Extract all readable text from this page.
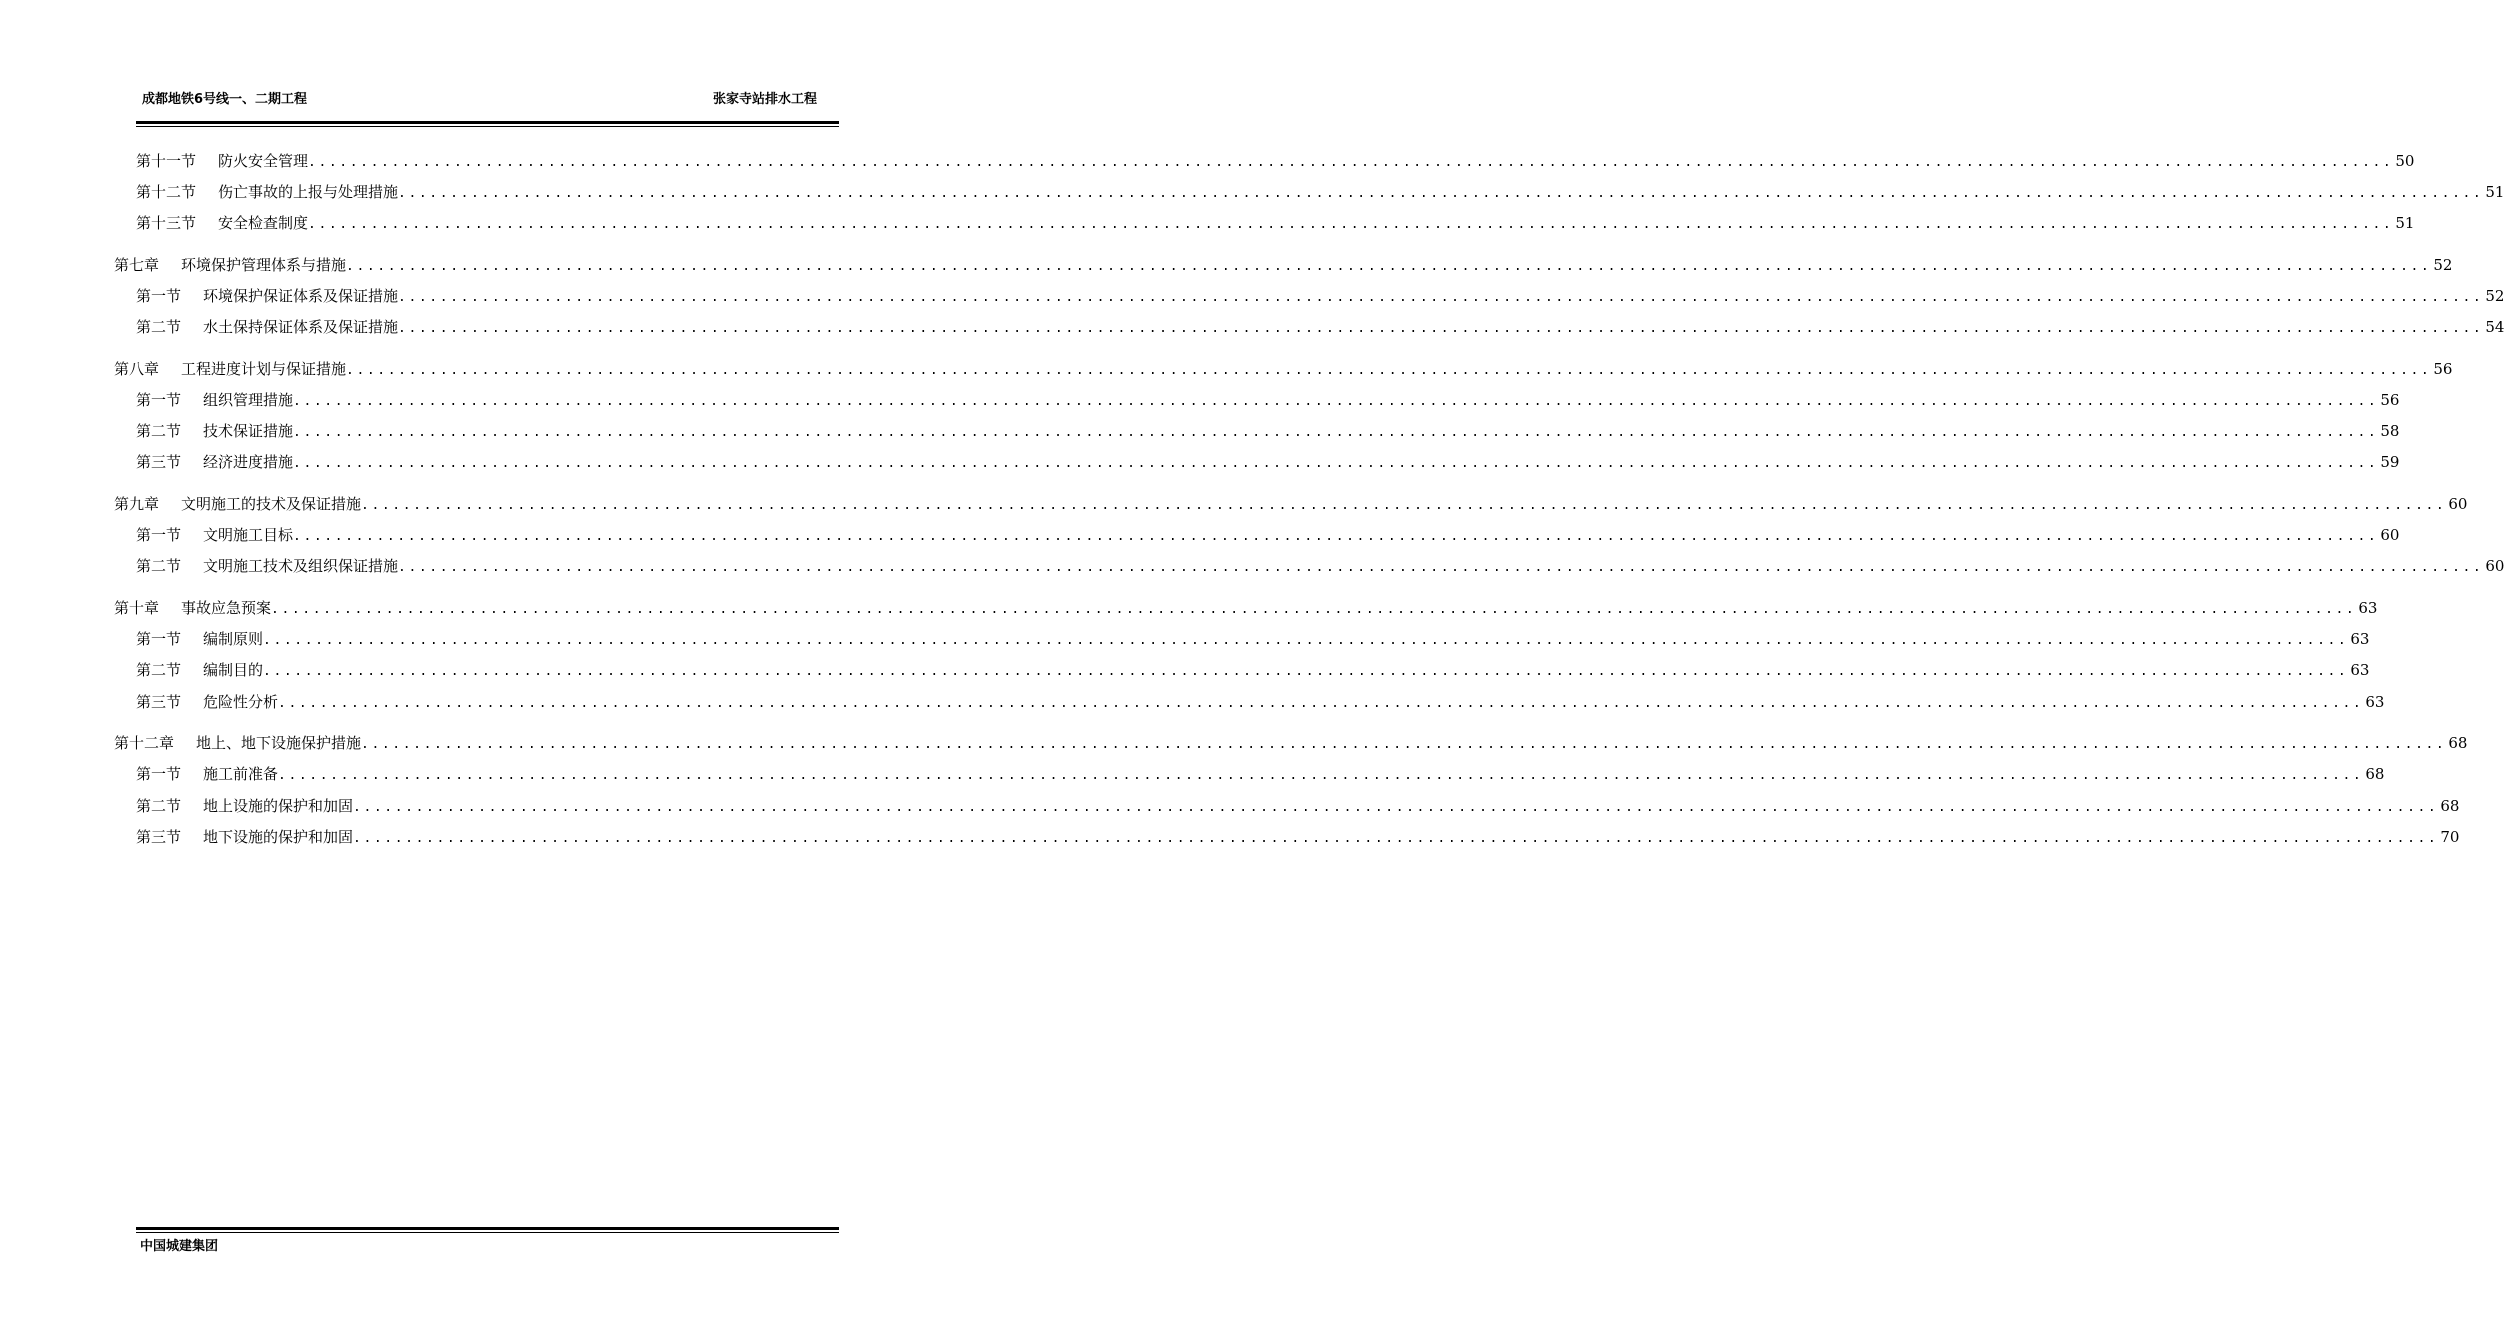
成都地铁6号线一、二期工程	张家寺站排水工程
第十一节 防火安全管理 ........................................................................................................................................................................................................ 50
第十二节 伤亡事故的上报与处理措施 ........................................................................................................................................................................................................ 51
第十三节 安全检查制度 ........................................................................................................................................................................................................ 51
第七章 环境保护管理体系与措施 ........................................................................................................................................................................................................ 52
第一节 环境保护保证体系及保证措施 ........................................................................................................................................................................................................ 52
第二节 水土保持保证体系及保证措施 ........................................................................................................................................................................................................ 54
第八章 工程进度计划与保证措施 ........................................................................................................................................................................................................ 56
第一节 组织管理措施 ........................................................................................................................................................................................................ 56
第二节 技术保证措施 ........................................................................................................................................................................................................ 58
第三节 经济进度措施 ........................................................................................................................................................................................................ 59
第九章 文明施工的技术及保证措施 ........................................................................................................................................................................................................ 60
第一节 文明施工目标 ........................................................................................................................................................................................................ 60
第二节 文明施工技术及组织保证措施 ........................................................................................................................................................................................................ 60
第十章 事故应急预案 ........................................................................................................................................................................................................ 63
第一节 编制原则 ........................................................................................................................................................................................................ 63
第二节 编制目的 ........................................................................................................................................................................................................ 63
第三节 危险性分析 ........................................................................................................................................................................................................ 63
第十二章 地上、地下设施保护措施 ........................................................................................................................................................................................................ 68
第一节 施工前准备 ........................................................................................................................................................................................................ 68
第二节 地上设施的保护和加固 ........................................................................................................................................................................................................ 68
第三节 地下设施的保护和加固 ........................................................................................................................................................................................................ 70
中国城建集团
